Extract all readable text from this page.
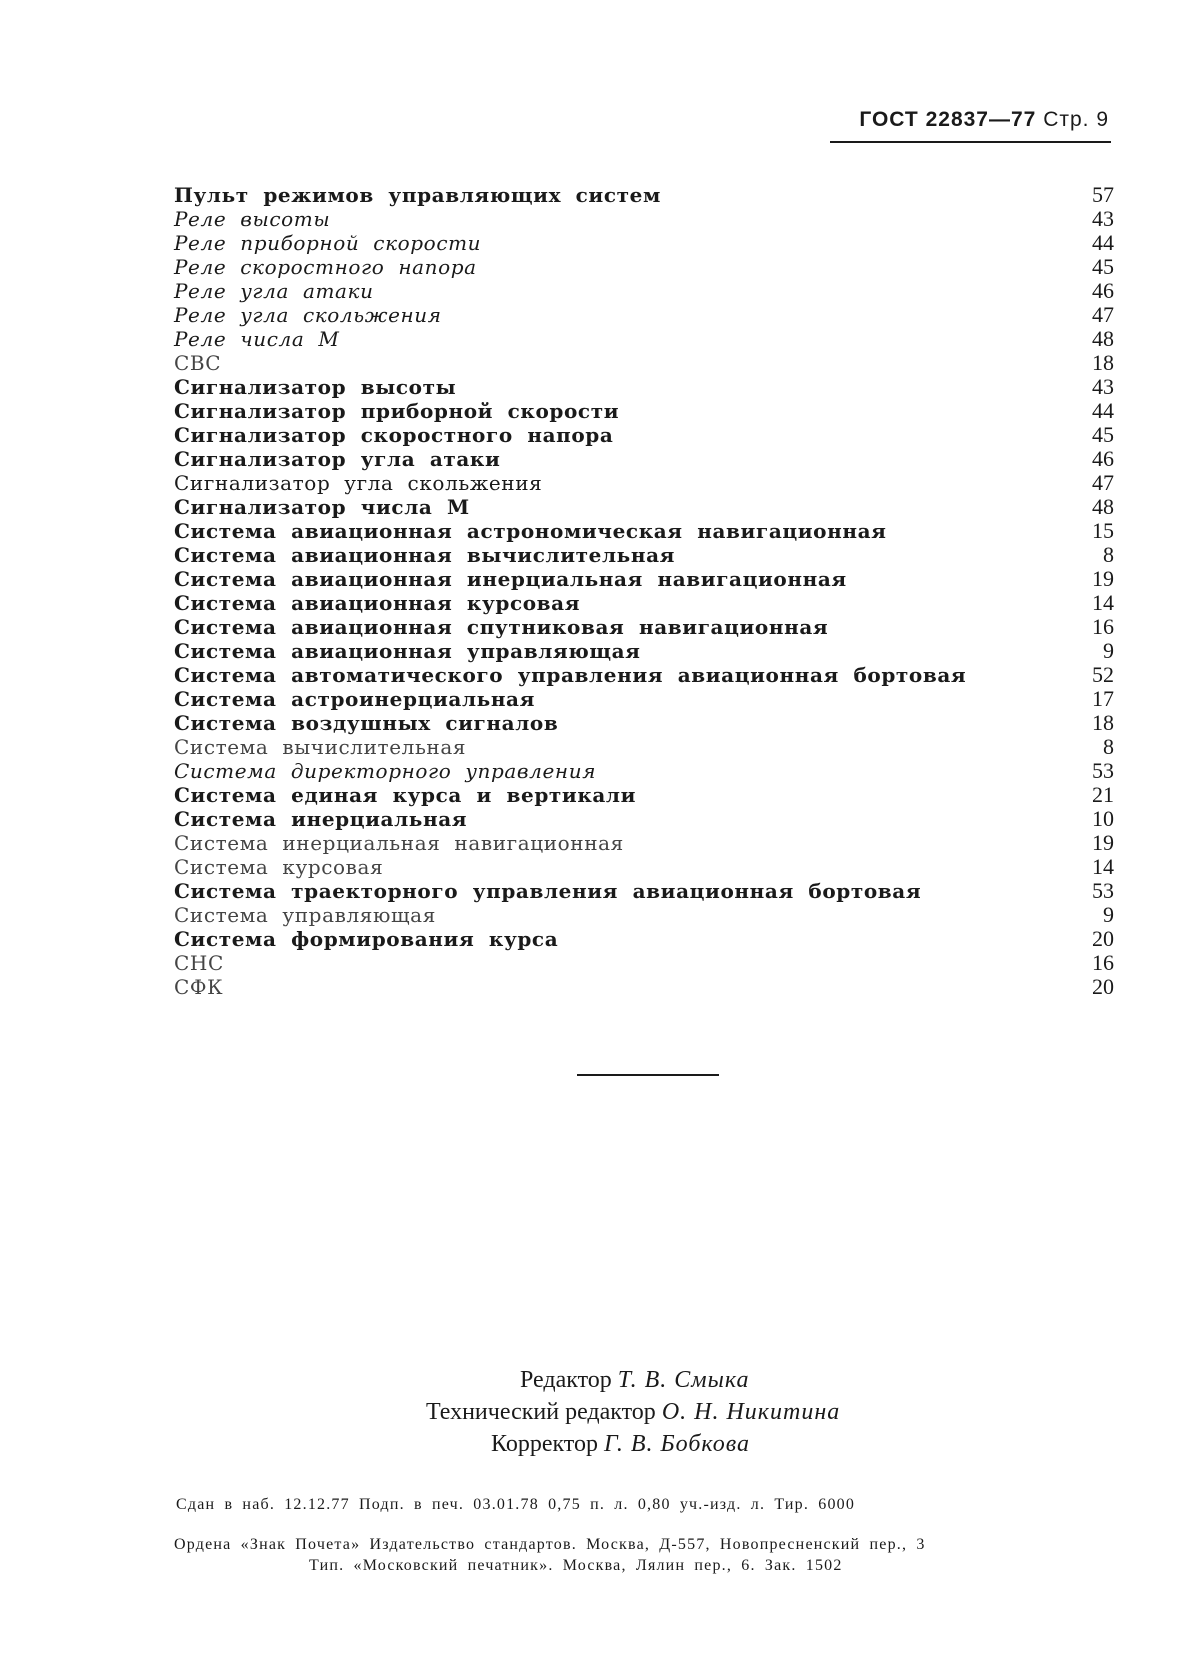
ГОСТ 22837—77 Стр. 9
Пульт режимов управляющих систем	57
Реле высоты	43
Реле приборной скорости	44
Реле скоростного напора	45
Реле угла атаки	46
Реле угла скольжения	47
Реле числа М	48
СВС	18
Сигнализатор высоты	43
Сигнализатор приборной скорости	44
Сигнализатор скоростного напора	45
Сигнализатор угла атаки	46
Сигнализатор угла скольжения	47
Сигнализатор числа М	48
Система авиационная астрономическая навигационная	15
Система авиационная вычислительная	8
Система авиационная инерциальная навигационная	19
Система авиационная курсовая	14
Система авиационная спутниковая навигационная	16
Система авиационная управляющая	9
Система автоматического управления авиационная бортовая	52
Система астроинерциальная	17
Система воздушных сигналов	18
Система вычислительная	8
Система директорного управления	53
Система единая курса и вертикали	21
Система инерциальная	10
Система инерциальная навигационная	19
Система курсовая	14
Система траекторного управления авиационная бортовая	53
Система управляющая	9
Система формирования курса	20
СНС	16
СФК	20
Редактор Т. В. Смыка
Технический редактор О. Н. Никитина
Корректор Г. В. Бобкова
Сдан в наб. 12.12.77 Подп. в печ. 03.01.78 0,75 п. л. 0,80 уч.-изд. л. Тир. 6000
Ордена «Знак Почета» Издательство стандартов. Москва, Д-557, Новопресненский пер., 3
Тип. «Московский печатник». Москва, Лялин пер., 6. Зак. 1502
